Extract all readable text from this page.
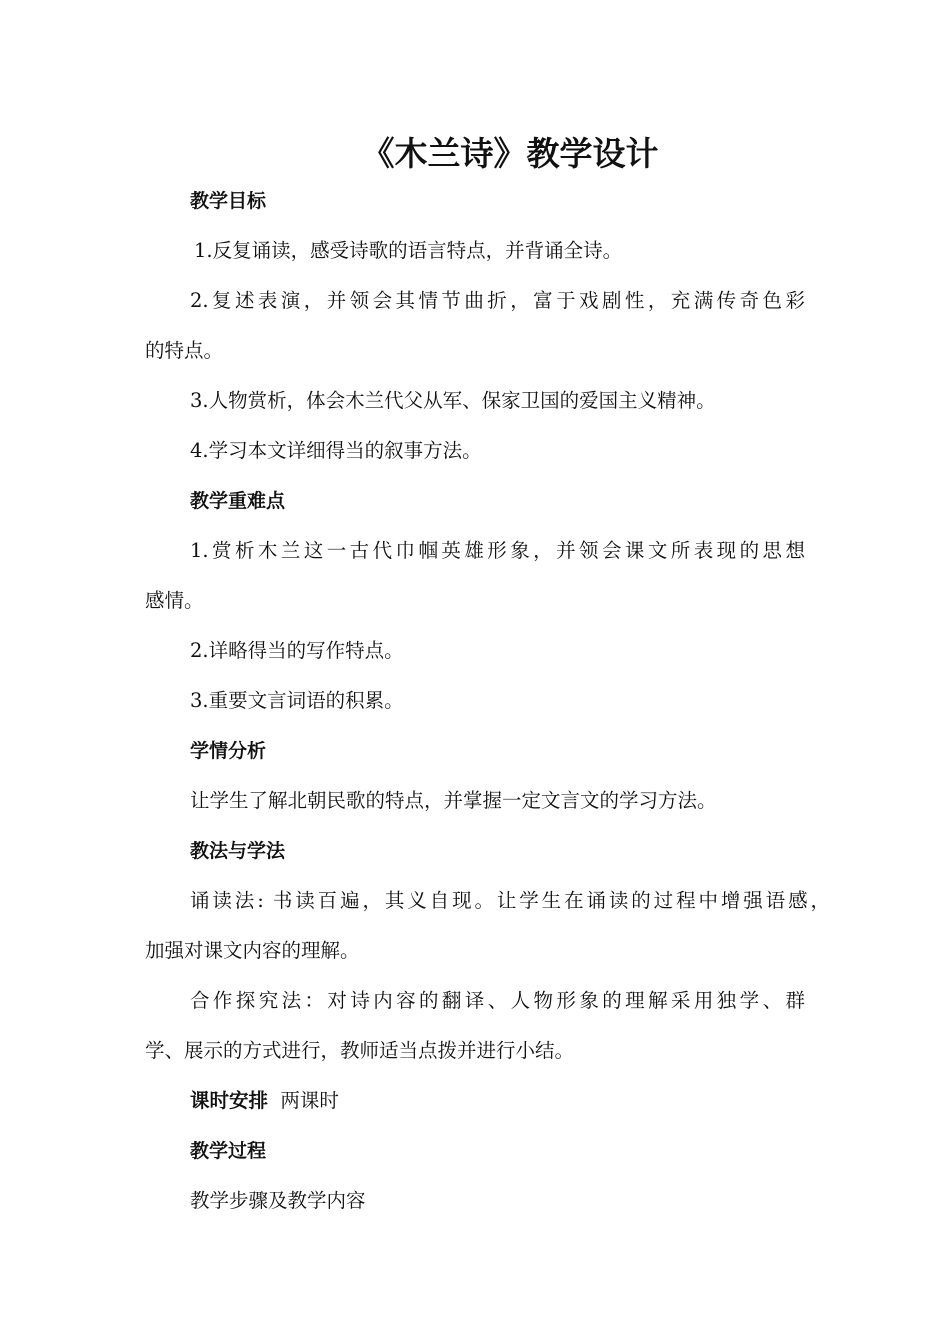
《木兰诗》教学设计
教学目标
1.反复诵读，感受诗歌的语言特点，并背诵全诗。
2.复述表演，并领会其情节曲折，富于戏剧性，充满传奇色彩
的特点。
3.人物赏析，体会木兰代父从军、保家卫国的爱国主义精神。
4.学习本文详细得当的叙事方法。
教学重难点
1.赏析木兰这一古代巾帼英雄形象，并领会课文所表现的思想
感情。
2.详略得当的写作特点。
3.重要文言词语的积累。
学情分析
让学生了解北朝民歌的特点，并掌握一定文言文的学习方法。
教法与学法
诵读法: 书读百遍，其义自现。让学生在诵读的过程中增强语感，
加强对课文内容的理解。
合作探究法：对诗内容的翻译、人物形象的理解采用独学、群
学、展示的方式进行，教师适当点拨并进行小结。
课时安排 两课时
教学过程
教学步骤及教学内容
